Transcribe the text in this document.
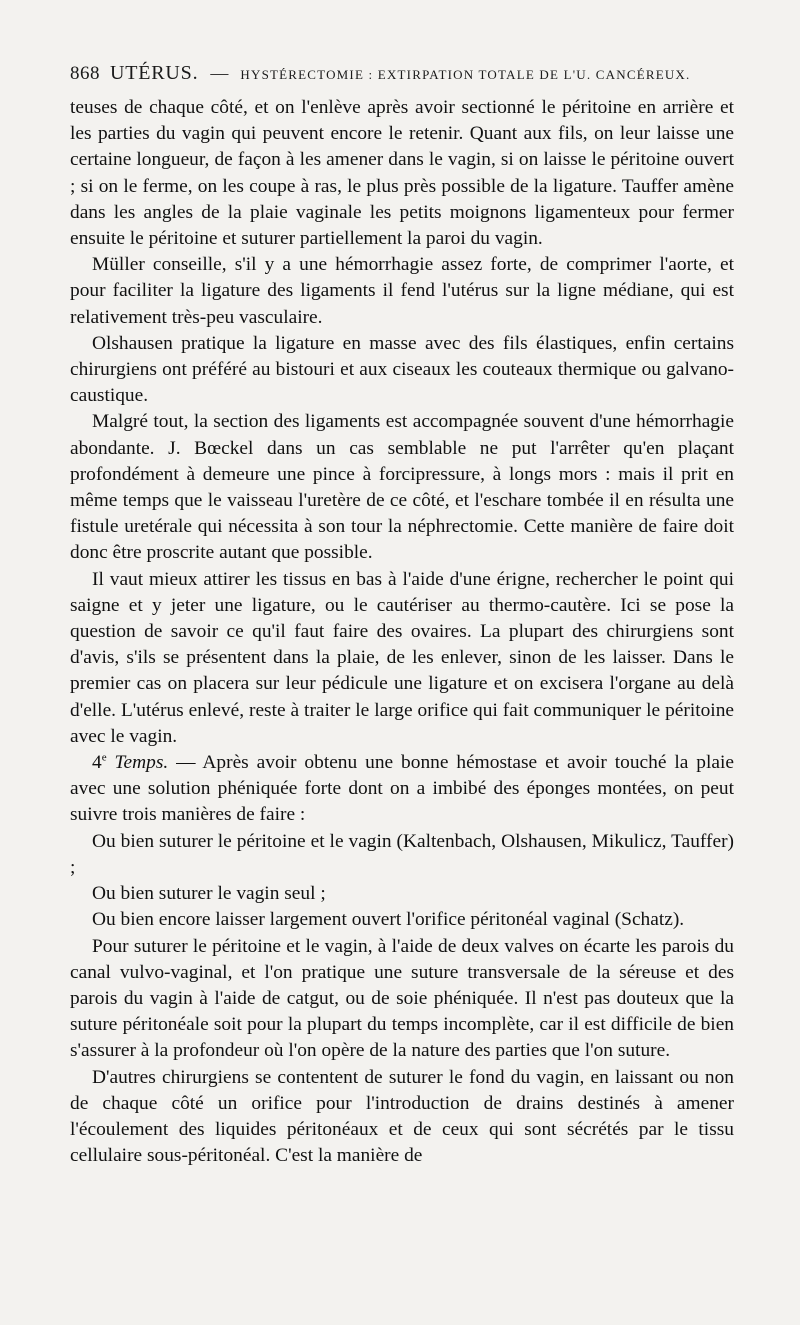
868 UTÉRUS. — HYSTÉRECTOMIE : EXTIRPATION TOTALE DE L'U. CANCÉREUX.

teuses de chaque côté, et on l'enlève après avoir sectionné le péritoine en arrière et les parties du vagin qui peuvent encore le retenir. Quant aux fils, on leur laisse une certaine longueur, de façon à les amener dans le vagin, si on laisse le péritoine ouvert ; si on le ferme, on les coupe à ras, le plus près possible de la ligature. Tauffer amène dans les angles de la plaie vaginale les petits moignons ligamenteux pour fermer ensuite le péritoine et suturer partiellement la paroi du vagin.

Müller conseille, s'il y a une hémorrhagie assez forte, de comprimer l'aorte, et pour faciliter la ligature des ligaments il fend l'utérus sur la ligne médiane, qui est relativement très-peu vasculaire.

Olshausen pratique la ligature en masse avec des fils élastiques, enfin certains chirurgiens ont préféré au bistouri et aux ciseaux les couteaux thermique ou galvano-caustique.

Malgré tout, la section des ligaments est accompagnée souvent d'une hémorrhagie abondante. J. Bœckel dans un cas semblable ne put l'arrêter qu'en plaçant profondément à demeure une pince à forcipressure, à longs mors : mais il prit en même temps que le vaisseau l'uretère de ce côté, et l'eschare tombée il en résulta une fistule uretérale qui nécessita à son tour la néphrectomie. Cette manière de faire doit donc être proscrite autant que possible.

Il vaut mieux attirer les tissus en bas à l'aide d'une érigne, rechercher le point qui saigne et y jeter une ligature, ou le cautériser au thermo-cautère. Ici se pose la question de savoir ce qu'il faut faire des ovaires. La plupart des chirurgiens sont d'avis, s'ils se présentent dans la plaie, de les enlever, sinon de les laisser. Dans le premier cas on placera sur leur pédicule une ligature et on excisera l'organe au delà d'elle. L'utérus enlevé, reste à traiter le large orifice qui fait communiquer le péritoine avec le vagin.

4e Temps. — Après avoir obtenu une bonne hémostase et avoir touché la plaie avec une solution phéniquée forte dont on a imbibé des éponges montées, on peut suivre trois manières de faire :

Ou bien suturer le péritoine et le vagin (Kaltenbach, Olshausen, Mikulicz, Tauffer) ;

Ou bien suturer le vagin seul ;

Ou bien encore laisser largement ouvert l'orifice péritonéal vaginal (Schatz).

Pour suturer le péritoine et le vagin, à l'aide de deux valves on écarte les parois du canal vulvo-vaginal, et l'on pratique une suture transversale de la séreuse et des parois du vagin à l'aide de catgut, ou de soie phéniquée. Il n'est pas douteux que la suture péritonéale soit pour la plupart du temps incomplète, car il est difficile de bien s'assurer à la profondeur où l'on opère de la nature des parties que l'on suture.

D'autres chirurgiens se contentent de suturer le fond du vagin, en laissant ou non de chaque côté un orifice pour l'introduction de drains destinés à amener l'écoulement des liquides péritonéaux et de ceux qui sont sécrétés par le tissu cellulaire sous-péritonéal. C'est la manière de
